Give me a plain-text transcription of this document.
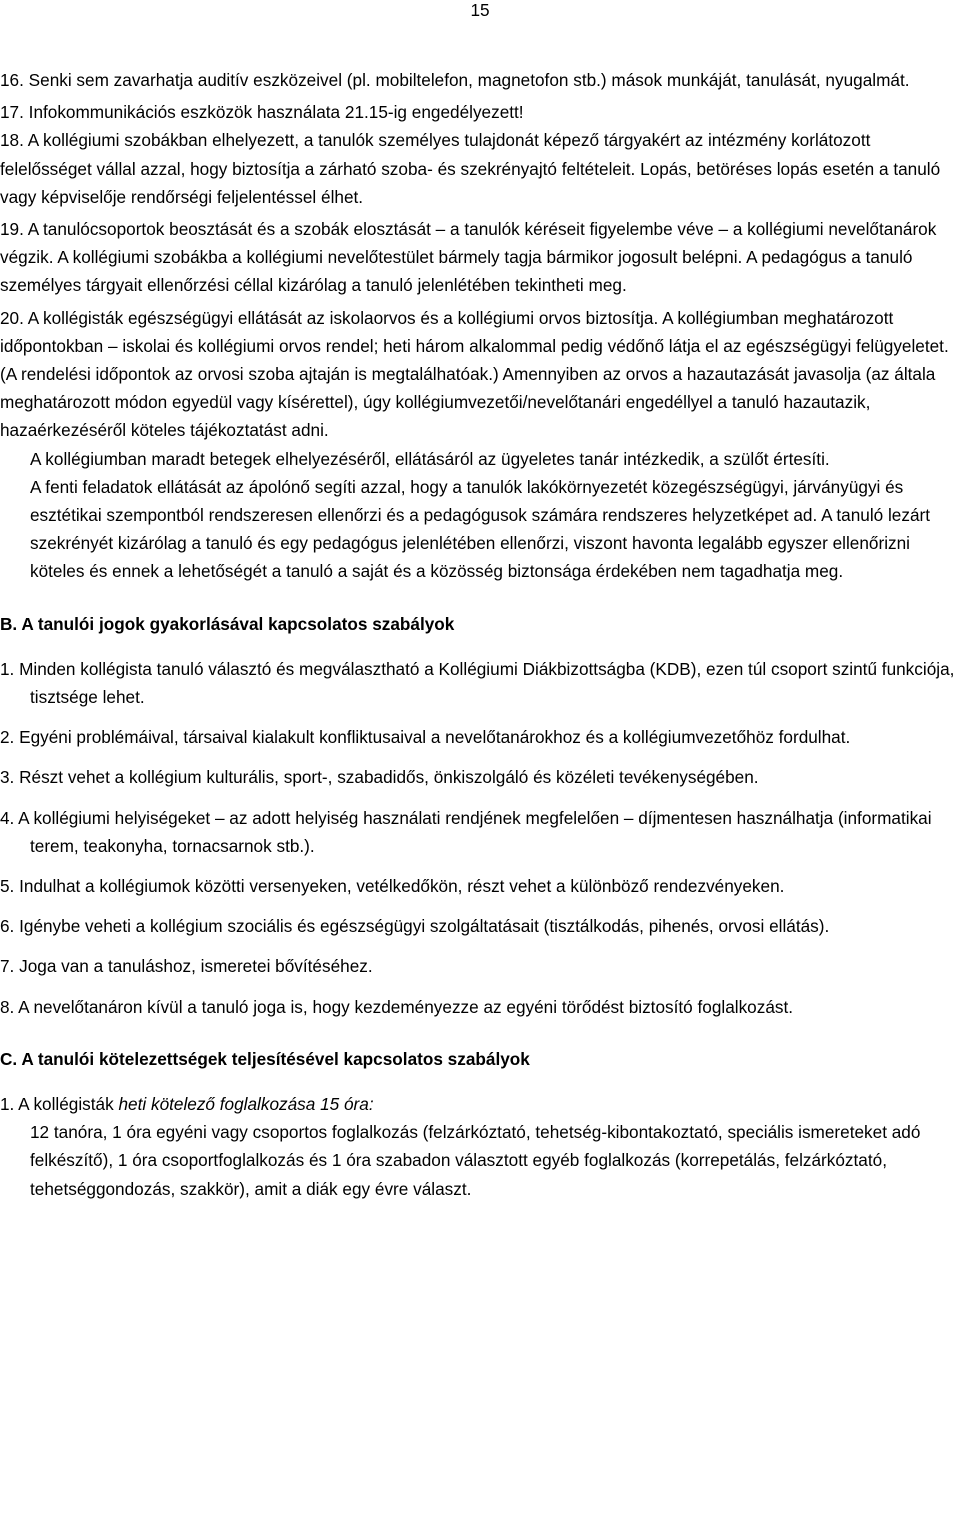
15

16. Senki sem zavarhatja auditív eszközeivel (pl. mobiltelefon, magnetofon stb.) mások munkáját, tanulását, nyugalmát.

17. Infokommunikációs eszközök használata 21.15-ig engedélyezett!

18. A kollégiumi szobákban elhelyezett, a tanulók személyes tulajdonát képező tárgyakért az intézmény korlátozott felelősséget vállal azzal, hogy biztosítja a zárható szoba- és szekrényajtó feltételeit. Lopás, betöréses lopás esetén a tanuló vagy képviselője rendőrségi feljelentéssel élhet.

19. A tanulócsoportok beosztását és a szobák elosztását – a tanulók kéréseit figyelembe véve – a kollégiumi nevelőtanárok végzik. A kollégiumi szobákba a kollégiumi nevelőtestület bármely tagja bármikor jogosult belépni. A pedagógus a tanuló személyes tárgyait ellenőrzési céllal kizárólag a tanuló jelenlétében tekintheti meg.

20. A kollégisták egészségügyi ellátását az iskolaorvos és a kollégiumi orvos biztosítja. A kollégiumban meghatározott időpontokban – iskolai és kollégiumi orvos rendel; heti három alkalommal pedig védőnő látja el az egészségügyi felügyeletet. (A rendelési időpontok az orvosi szoba ajtaján is megtalálhatóak.) Amennyiben az orvos a hazautazását javasolja (az általa meghatározott módon egyedül vagy kísérettel), úgy kollégiumvezetői/nevelőtanári engedéllyel a tanuló hazautazik, hazaérkezéséről köteles tájékoztatást adni.

A kollégiumban maradt betegek elhelyezéséről, ellátásáról az ügyeletes tanár intézkedik, a szülőt értesíti.

A fenti feladatok ellátását az ápolónő segíti azzal, hogy a tanulók lakókörnyezetét közegészségügyi, járványügyi és esztétikai szempontból rendszeresen ellenőrzi és a pedagógusok számára rendszeres helyzetképet ad. A tanuló lezárt szekrényét kizárólag a tanuló és egy pedagógus jelenlétében ellenőrzi, viszont havonta legalább egyszer ellenőrizni köteles és ennek a lehetőségét a tanuló a saját és a közösség biztonsága érdekében nem tagadhatja meg.

B. A tanulói jogok gyakorlásával kapcsolatos szabályok

1. Minden kollégista tanuló választó és megválasztható a Kollégiumi Diákbizottságba (KDB), ezen túl csoport szintű funkciója, tisztsége lehet.

2. Egyéni problémáival, társaival kialakult konfliktusaival a nevelőtanárokhoz és a kollégiumvezetőhöz fordulhat.

3. Részt vehet a kollégium kulturális, sport-, szabadidős, önkiszolgáló és közéleti tevékenységében.

4. A kollégiumi helyiségeket – az adott helyiség használati rendjének megfelelően – díjmentesen használhatja (informatikai terem, teakonyha, tornacsarnok stb.).

5. Indulhat a kollégiumok közötti versenyeken, vetélkedőkön, részt vehet a különböző rendezvényeken.

6. Igénybe veheti a kollégium szociális és egészségügyi szolgáltatásait (tisztálkodás, pihenés, orvosi ellátás).

7. Joga van a tanuláshoz, ismeretei bővítéséhez.

8. A nevelőtanáron kívül a tanuló joga is, hogy kezdeményezze az egyéni törődést biztosító foglalkozást.

C. A tanulói kötelezettségek teljesítésével kapcsolatos szabályok

1. A kollégisták heti kötelező foglalkozása 15 óra:

12 tanóra, 1 óra egyéni vagy csoportos foglalkozás (felzárkóztató, tehetség-kibontakoztató, speciális ismereteket adó felkészítő), 1 óra csoportfoglalkozás és 1 óra szabadon választott egyéb foglalkozás (korrepetálás, felzárkóztató, tehetséggondozás, szakkör), amit a diák egy évre választ.
